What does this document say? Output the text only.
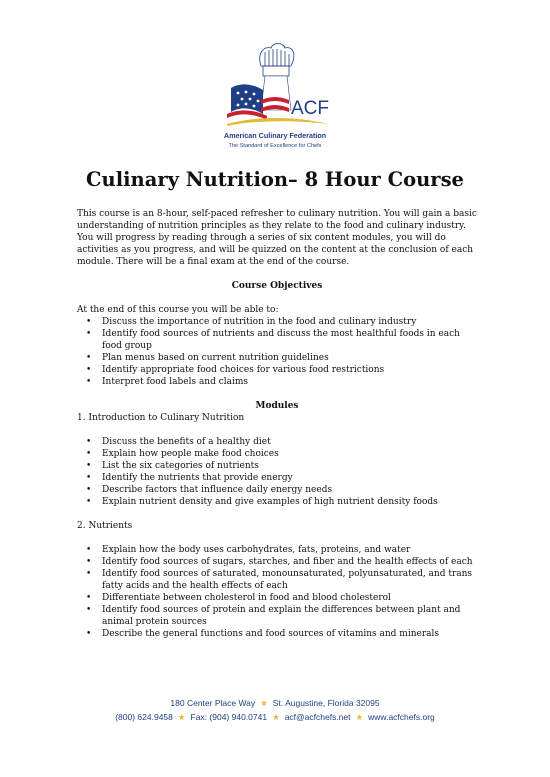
ACF
American Culinary Federation
The Standard of Excellence for Chefs
Culinary Nutrition– 8 Hour Course

This course is an 8-hour, self-paced refresher to culinary nutrition. You will gain a basic understanding of nutrition principles as they relate to the food and culinary industry. You will progress by reading through a series of six content modules, you will do activities as you progress, and will be quizzed on the content at the conclusion of each module. There will be a final exam at the end of the course.

Course Objectives

At the end of this course you will be able to:

• Discuss the importance of nutrition in the food and culinary industry
• Identify food sources of nutrients and discuss the most healthful foods in each food group
• Plan menus based on current nutrition guidelines
• Identify appropriate food choices for various food restrictions
• Interpret food labels and claims

Modules

1. Introduction to Culinary Nutrition

• Discuss the benefits of a healthy diet
• Explain how people make food choices
• List the six categories of nutrients
• Identify the nutrients that provide energy
• Describe factors that influence daily energy needs
• Explain nutrient density and give examples of high nutrient density foods

2. Nutrients

• Explain how the body uses carbohydrates, fats, proteins, and water
• Identify food sources of sugars, starches, and fiber and the health effects of each
• Identify food sources of saturated, monounsaturated, polyunsaturated, and trans fatty acids and the health effects of each
• Differentiate between cholesterol in food and blood cholesterol
• Identify food sources of protein and explain the differences between plant and animal protein sources
• Describe the general functions and food sources of vitamins and minerals
180 Center Place Way ★ St. Augustine, Florida 32095
(800) 624.9458 ★ Fax: (904) 940.0741 ★ acf@acfchefs.net ★ www.acfchefs.org
